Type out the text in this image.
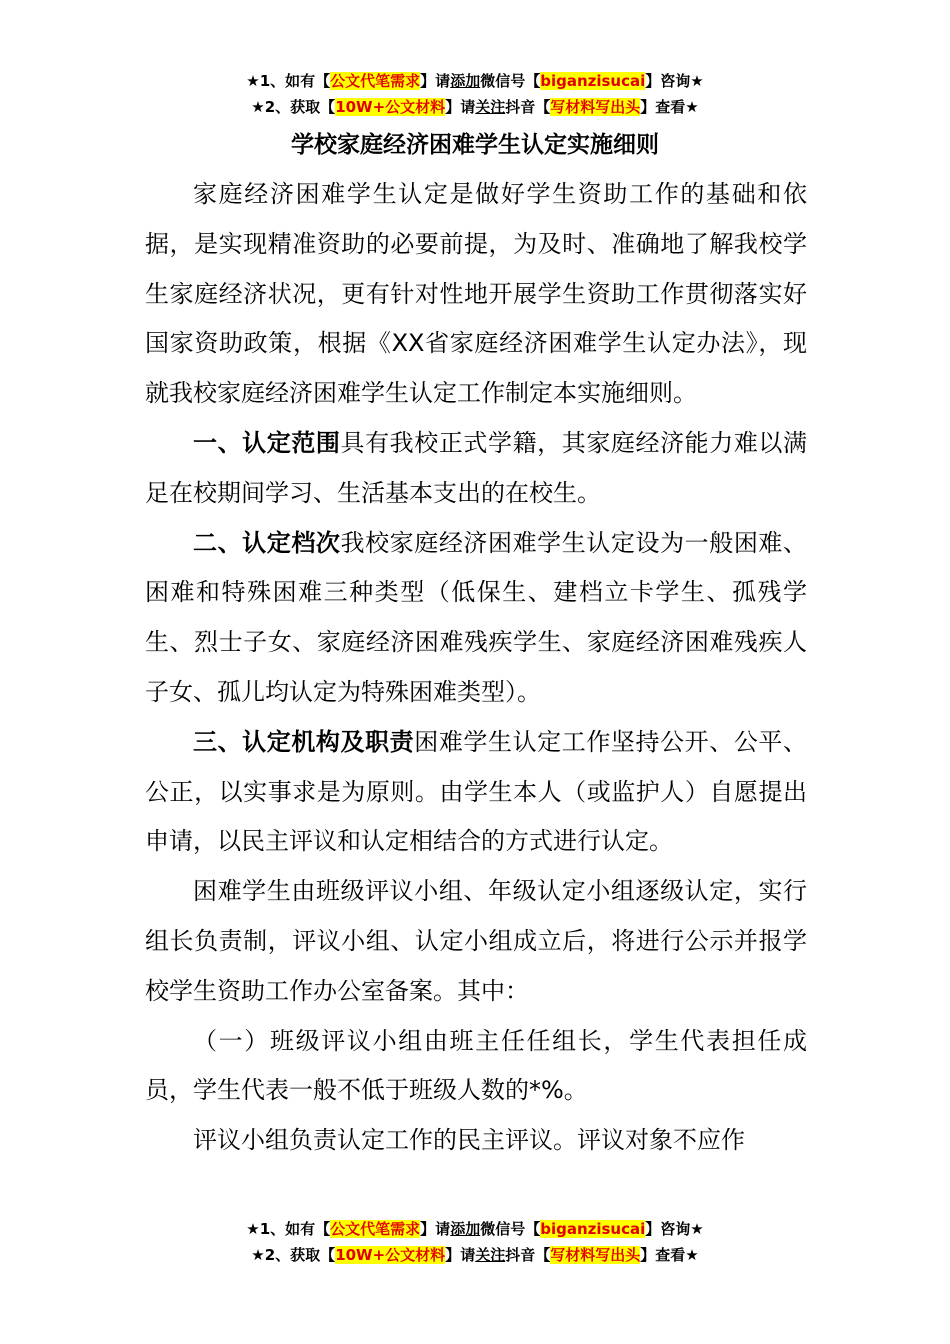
★1、如有【公文代笔需求】请添加微信号【biganzisucai】咨询★
★2、获取【10W+公文材料】请关注抖音【写材料写出头】查看★
学校家庭经济困难学生认定实施细则

家庭经济困难学生认定是做好学生资助工作的基础和依据，是实现精准资助的必要前提，为及时、准确地了解我校学生家庭经济状况，更有针对性地开展学生资助工作贯彻落实好国家资助政策，根据《XX省家庭经济困难学生认定办法》，现就我校家庭经济困难学生认定工作制定本实施细则。

一、认定范围具有我校正式学籍，其家庭经济能力难以满足在校期间学习、生活基本支出的在校生。

二、认定档次我校家庭经济困难学生认定设为一般困难、困难和特殊困难三种类型（低保生、建档立卡学生、孤残学生、烈士子女、家庭经济困难残疾学生、家庭经济困难残疾人子女、孤儿均认定为特殊困难类型）。

三、认定机构及职责困难学生认定工作坚持公开、公平、公正，以实事求是为原则。由学生本人（或监护人）自愿提出申请，以民主评议和认定相结合的方式进行认定。

困难学生由班级评议小组、年级认定小组逐级认定，实行组长负责制，评议小组、认定小组成立后，将进行公示并报学校学生资助工作办公室备案。其中：

（一）班级评议小组由班主任任组长，学生代表担任成员，学生代表一般不低于班级人数的*%。

评议小组负责认定工作的民主评议。评议对象不应作

★1、如有【公文代笔需求】请添加微信号【biganzisucai】咨询★
★2、获取【10W+公文材料】请关注抖音【写材料写出头】查看★
